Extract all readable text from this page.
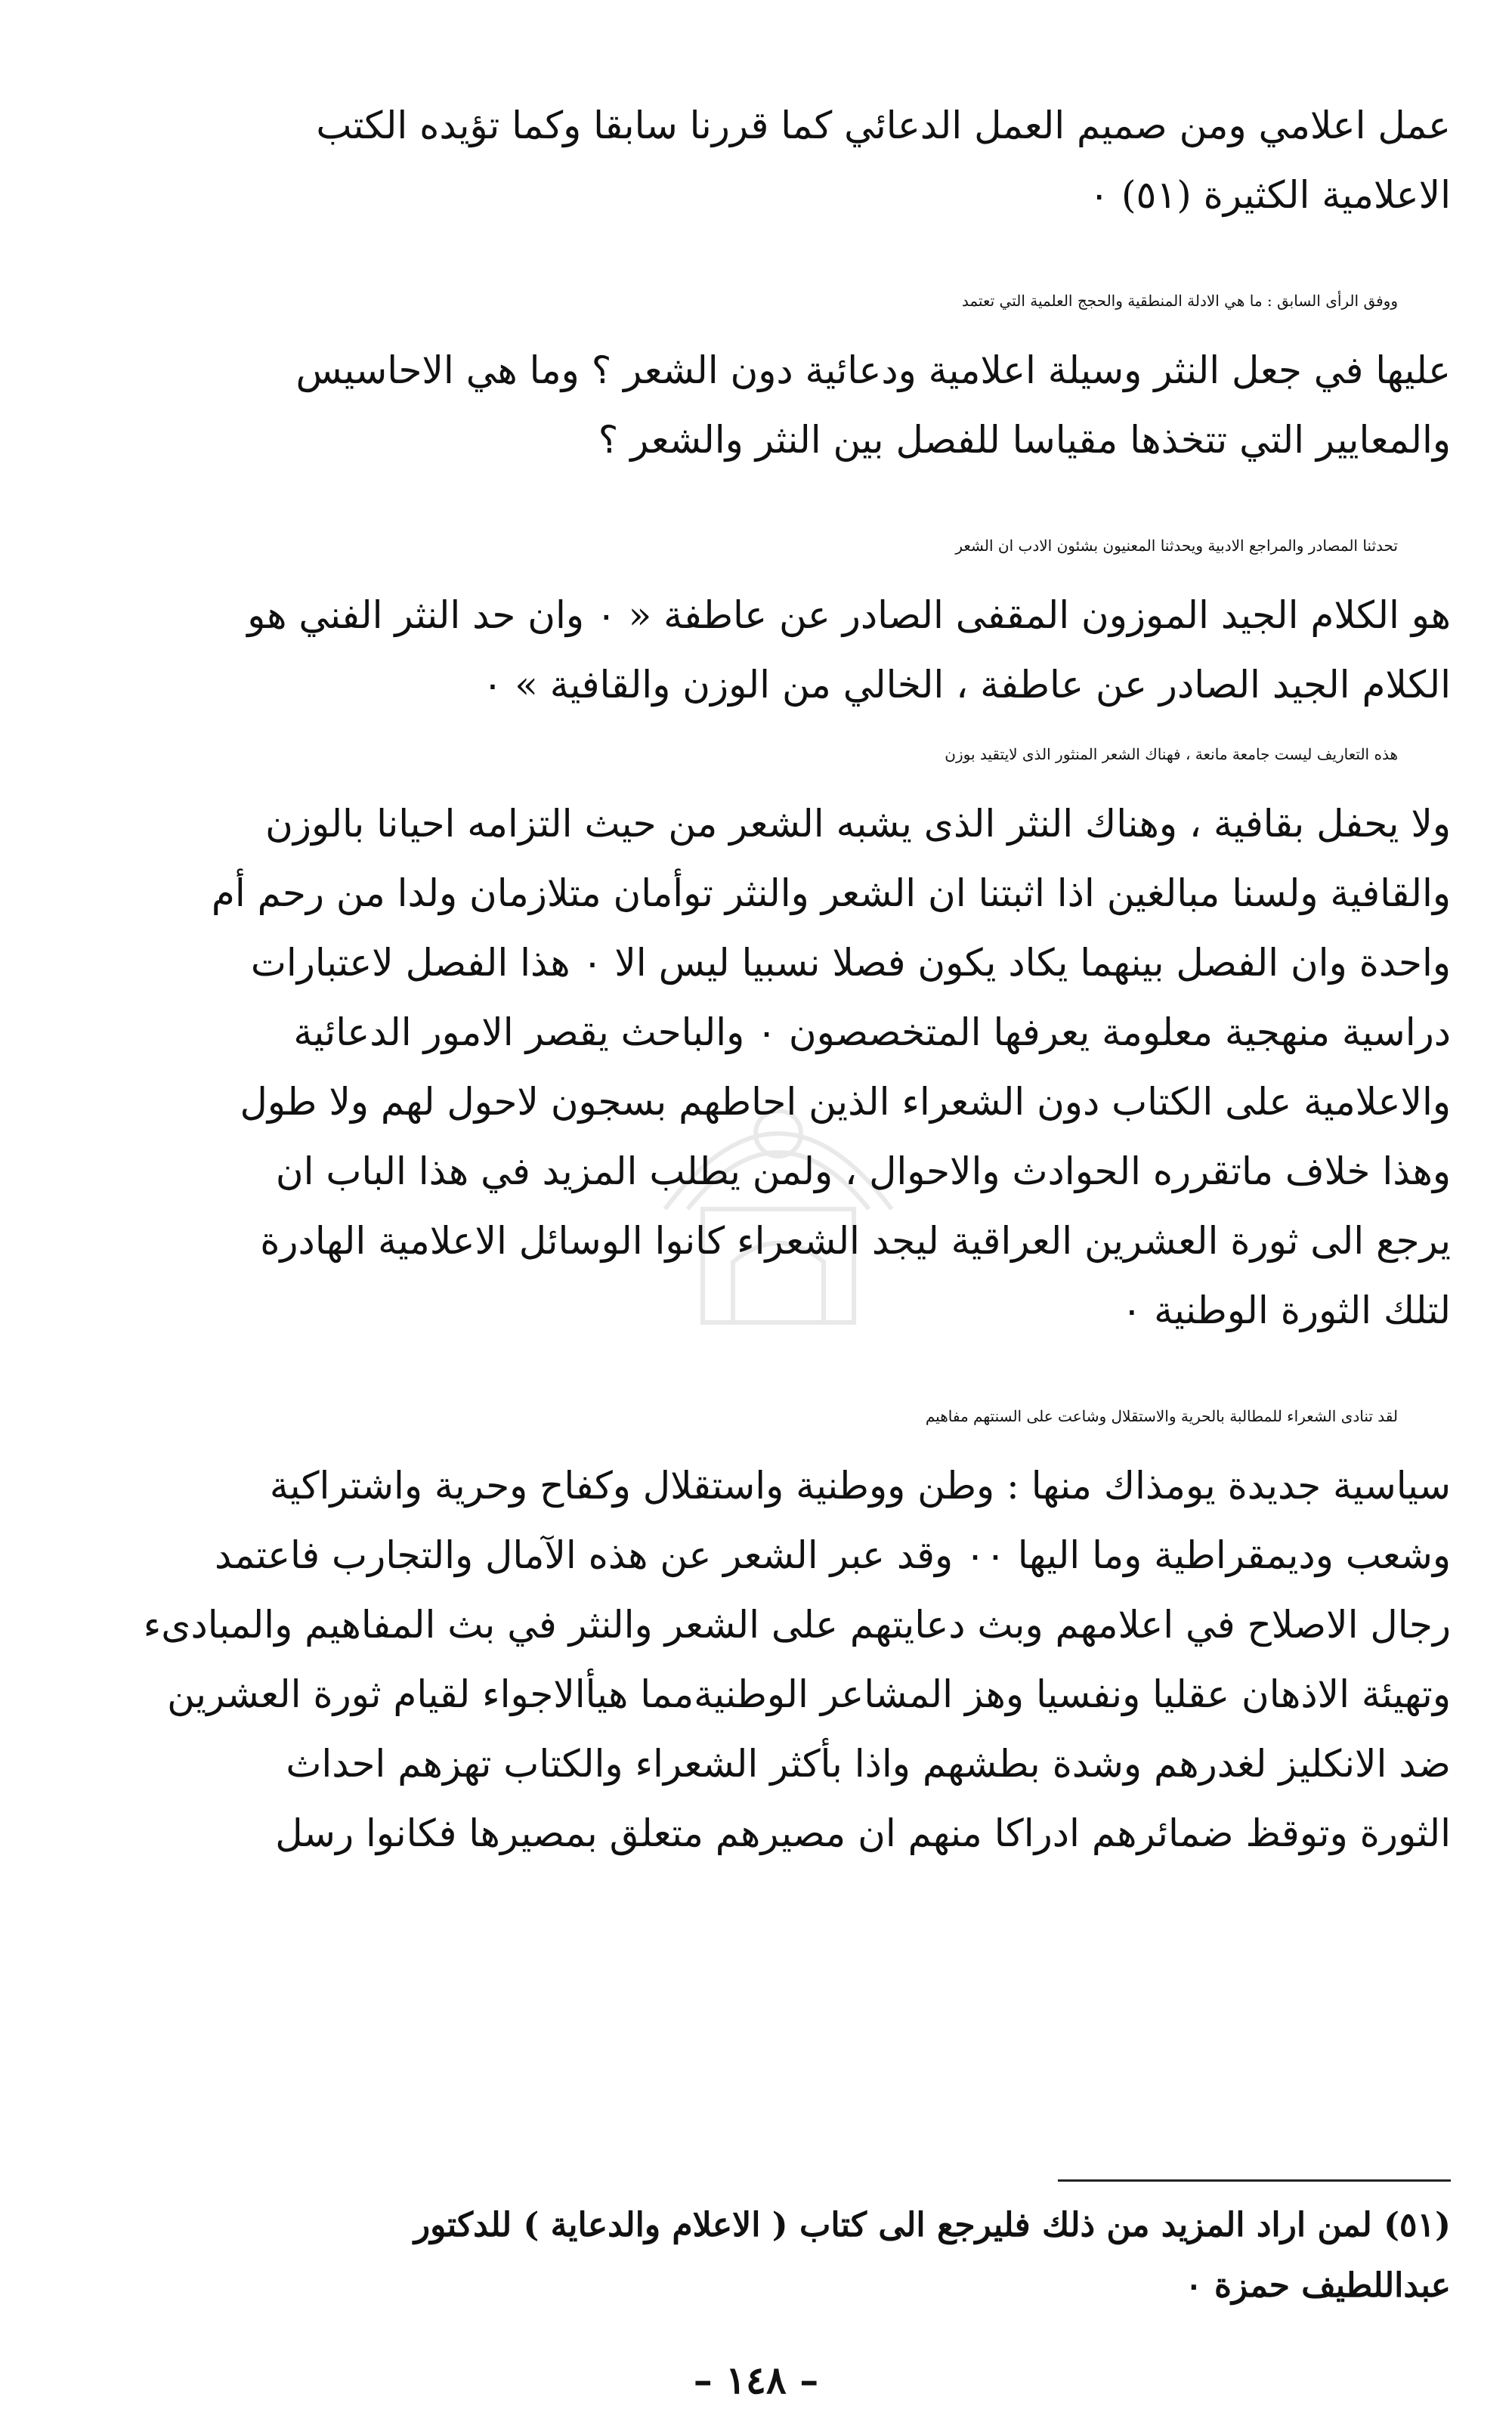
عمل اعلامي ومن صميم العمل الدعائي كما قررنا سابقا وكما تؤيده الكتب
الاعلامية الكثيرة (٥١) ٠
ووفق الرأى السابق : ما هي الادلة المنطقية والحجج العلمية التي تعتمد
عليها في جعل النثر وسيلة اعلامية ودعائية دون الشعر ؟ وما هي الاحاسيس
والمعايير التي تتخذها مقياسا للفصل بين النثر والشعر ؟
تحدثنا المصادر والمراجع الادبية ويحدثنا المعنيون بشئون الادب ان الشعر
هو الكلام الجيد الموزون المقفى الصادر عن عاطفة « ٠ وان حد النثر الفني هو
الكلام الجيد الصادر عن عاطفة ، الخالي من الوزن والقافية » ٠
هذه التعاريف ليست جامعة مانعة ، فهناك الشعر المنثور الذى لايتقيد بوزن
ولا يحفل بقافية ، وهناك النثر الذى يشبه الشعر من حيث التزامه احيانا بالوزن
والقافية ولسنا مبالغين اذا اثبتنا ان الشعر والنثر توأمان متلازمان ولدا من رحم أم
واحدة وان الفصل بينهما يكاد يكون فصلا نسبيا ليس الا ٠ هذا الفصل لاعتبارات
دراسية منهجية معلومة يعرفها المتخصصون ٠ والباحث يقصر الامور الدعائية
والاعلامية على الكتاب دون الشعراء الذين احاطهم بسجون لاحول لهم ولا طول
وهذا خلاف ماتقرره الحوادث والاحوال ، ولمن يطلب المزيد في هذا الباب ان
يرجع الى ثورة العشرين العراقية ليجد الشعراء كانوا الوسائل الاعلامية الهادرة
لتلك الثورة الوطنية ٠
لقد تنادى الشعراء للمطالبة بالحرية والاستقلال وشاعت على السنتهم مفاهيم
سياسية جديدة يومذاك منها : وطن ووطنية واستقلال وكفاح وحرية واشتراكية
وشعب وديمقراطية وما اليها ٠٠ وقد عبر الشعر عن هذه الآمال والتجارب فاعتمد
رجال الاصلاح في اعلامهم وبث دعايتهم على الشعر والنثر في بث المفاهيم والمبادىء
وتهيئة الاذهان عقليا ونفسيا وهز المشاعر الوطنيةمما هيأالاجواء لقيام ثورة العشرين
ضد الانكليز لغدرهم وشدة بطشهم واذا بأكثر الشعراء والكتاب تهزهم احداث
الثورة وتوقظ ضمائرهم ادراكا منهم ان مصيرهم متعلق بمصيرها فكانوا رسل
(٥١) لمن اراد المزيد من ذلك فليرجع الى كتاب ( الاعلام والدعاية ) للدكتور
عبداللطيف حمزة ٠
– ١٤٨ –
